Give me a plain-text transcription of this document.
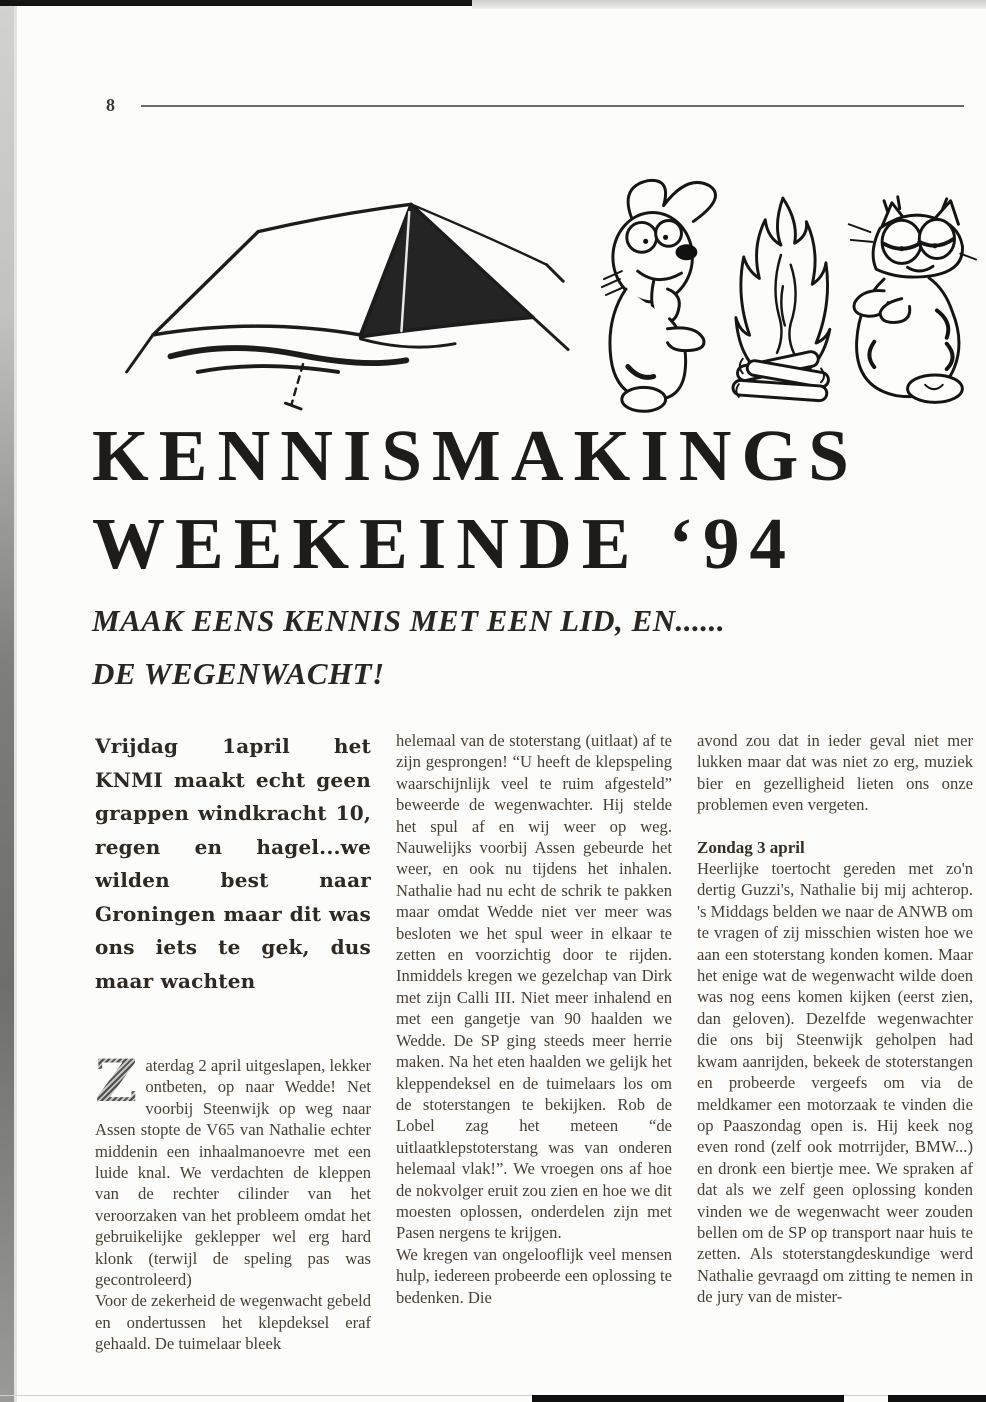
8
KENNISMAKINGS
WEEKEINDE ‘94
MAAK EENS KENNIS MET EEN LID, EN......
DE WEGENWACHT!

Vrijdag 1april het KNMI maakt echt geen grappen windkracht 10, regen en hagel...we wilden best naar Groningen maar dit was ons iets te gek, dus maar wachten

Z aterdag 2 april uitgeslapen, lekker ontbeten, op naar Wedde! Net voorbij Steenwijk op weg naar Assen stopte de V65 van Nathalie echter middenin een inhaalmanoevre met een luide knal. We verdachten de kleppen van de rechter cilinder van het veroorzaken van het probleem omdat het gebruikelijke geklepper wel erg hard klonk (terwijl de speling pas was gecontroleerd)

Voor de zekerheid de wegenwacht gebeld en ondertussen het klepdeksel eraf gehaald. De tuimelaar bleek

helemaal van de stoterstang (uitlaat) af te zijn gesprongen! “U heeft de klepspeling waarschijnlijk veel te ruim afgesteld” beweerde de wegenwachter. Hij stelde het spul af en wij weer op weg. Nauwelijks voorbij Assen gebeurde het weer, en ook nu tijdens het inhalen. Nathalie had nu echt de schrik te pakken maar omdat Wedde niet ver meer was besloten we het spul weer in elkaar te zetten en voorzichtig door te rijden. Inmiddels kregen we gezelchap van Dirk met zijn Calli III. Niet meer inhalend en met een gangetje van 90 haalden we Wedde. De SP ging steeds meer herrie maken. Na het eten haalden we gelijk het kleppendeksel en de tuimelaars los om de stoterstangen te bekijken. Rob de Lobel zag het meteen “de uitlaatklepstoterstang was van onderen helemaal vlak!”. We vroegen ons af hoe de nokvolger eruit zou zien en hoe we dit moesten oplossen, onderdelen zijn met Pasen nergens te krijgen.

We kregen van ongelooflijk veel mensen hulp, iedereen probeerde een oplossing te bedenken. Die

avond zou dat in ieder geval niet mer lukken maar dat was niet zo erg, muziek bier en gezelligheid lieten ons onze problemen even vergeten.

Zondag 3 april

Heerlijke toertocht gereden met zo'n dertig Guzzi's, Nathalie bij mij achterop. 's Middags belden we naar de ANWB om te vragen of zij misschien wisten hoe we aan een stoterstang konden komen. Maar het enige wat de wegenwacht wilde doen was nog eens komen kijken (eerst zien, dan geloven). Dezelfde wegenwachter die ons bij Steenwijk geholpen had kwam aanrijden, bekeek de stoterstangen en probeerde vergeefs om via de meldkamer een motorzaak te vinden die op Paaszondag open is. Hij keek nog even rond (zelf ook motrrijder, BMW...) en dronk een biertje mee. We spraken af dat als we zelf geen oplossing konden vinden we de wegenwacht weer zouden bellen om de SP op transport naar huis te zetten. Als stoterstangdeskundige werd Nathalie gevraagd om zitting te nemen in de jury van de mister-
